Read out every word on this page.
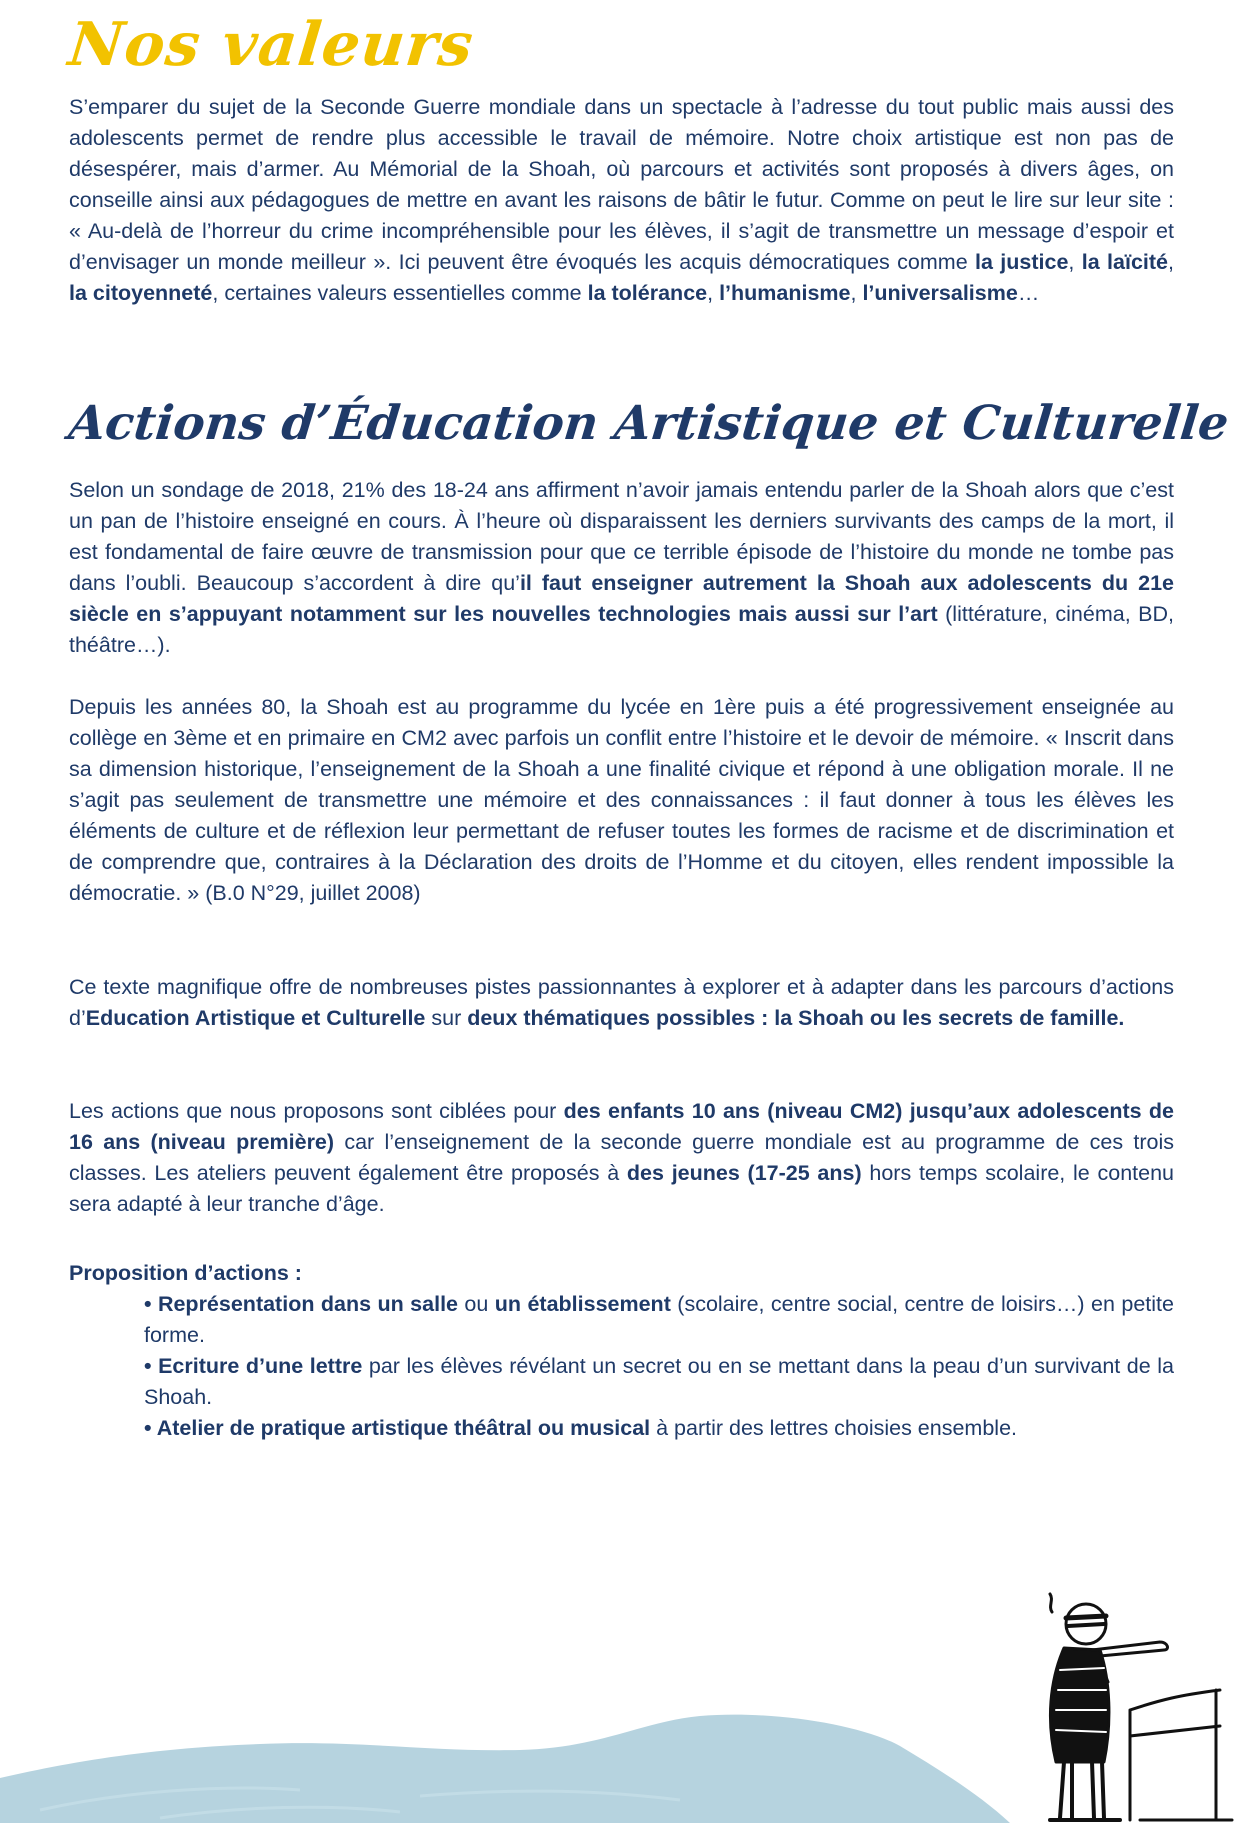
Nos valeurs

S’emparer du sujet de la Seconde Guerre mondiale dans un spectacle à l’adresse du tout public mais aussi des adolescents permet de rendre plus accessible le travail de mémoire. Notre choix artistique est non pas de désespérer, mais d’armer. Au Mémorial de la Shoah, où parcours et activités sont proposés à divers âges, on conseille ainsi aux pédagogues de mettre en avant les raisons de bâtir le futur. Comme on peut le lire sur leur site : « Au-delà de l’horreur du crime incompréhensible pour les élèves, il s’agit de transmettre un message d’espoir et d’envisager un monde meilleur ». Ici peuvent être évoqués les acquis démocratiques comme la justice, la laïcité, la citoyenneté, certaines valeurs essentielles comme la tolérance, l’humanisme, l’universalisme…

Actions d’Éducation Artistique et Culturelle

Selon un sondage de 2018, 21% des 18-24 ans affirment n’avoir jamais entendu parler de la Shoah alors que c’est un pan de l’histoire enseigné en cours. À l’heure où disparaissent les derniers survivants des camps de la mort, il est fondamental de faire œuvre de transmission pour que ce terrible épisode de l’histoire du monde ne tombe pas dans l’oubli. Beaucoup s’accordent à dire qu’il faut enseigner autrement la Shoah aux adolescents du 21e siècle en s’appuyant notamment sur les nouvelles technologies mais aussi sur l’art (littérature, cinéma, BD, théâtre…).

Depuis les années 80, la Shoah est au programme du lycée en 1ère puis a été progressivement enseignée au collège en 3ème et en primaire en CM2 avec parfois un conflit entre l’histoire et le devoir de mémoire. « Inscrit dans sa dimension historique, l’enseignement de la Shoah a une finalité civique et répond à une obligation morale. Il ne s’agit pas seulement de transmettre une mémoire et des connaissances : il faut donner à tous les élèves les éléments de culture et de réflexion leur permettant de refuser toutes les formes de racisme et de discrimination et de comprendre que, contraires à la Déclaration des droits de l’Homme et du citoyen, elles rendent impossible la démocratie. » (B.0 N°29, juillet 2008)

Ce texte magnifique offre de nombreuses pistes passionnantes à explorer et à adapter dans les parcours d’actions d’Education Artistique et Culturelle sur deux thématiques possibles : la Shoah ou les secrets de famille.

Les actions que nous proposons sont ciblées pour des enfants 10 ans (niveau CM2) jusqu’aux adolescents de 16 ans (niveau première) car l’enseignement de la seconde guerre mondiale est au programme de ces trois classes. Les ateliers peuvent également être proposés à des jeunes (17-25 ans) hors temps scolaire, le contenu sera adapté à leur tranche d’âge.

Proposition d’actions :

• Représentation dans un salle ou un établissement (scolaire, centre social, centre de loisirs…) en petite forme.
• Ecriture d’une lettre par les élèves révélant un secret ou en se mettant dans la peau d’un survivant de la Shoah.
• Atelier de pratique artistique théâtral ou musical à partir des lettres choisies ensemble.
